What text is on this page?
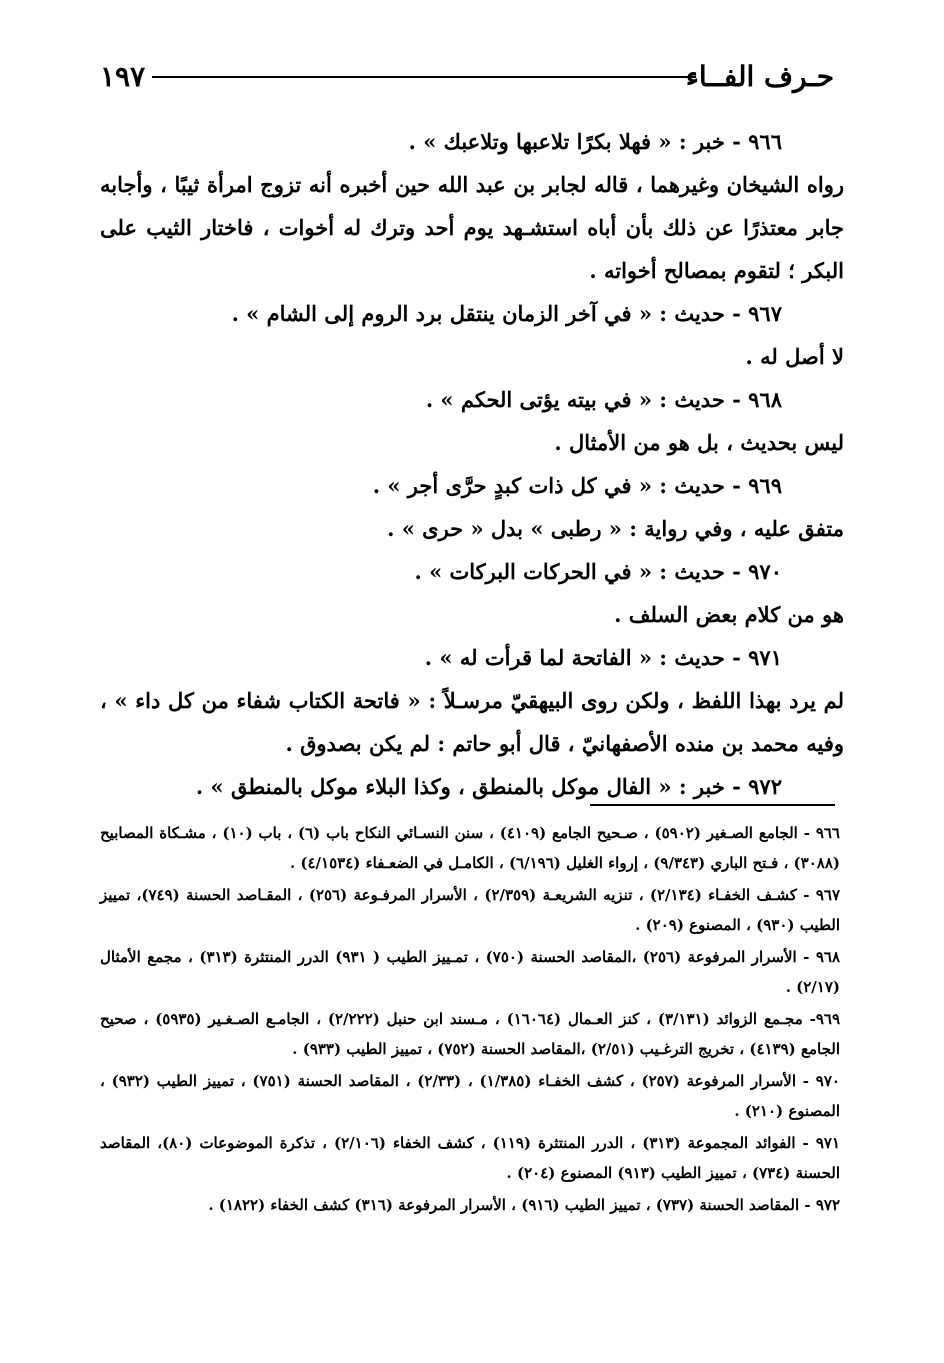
حـرف الفــاء
١٩٧
٩٦٦ - خبر : « فهلا بكرًا تلاعبها وتلاعبك » .
رواه الشيخان وغيرهما ، قاله لجابر بن عبد الله حين أخبره أنه تزوج امرأة ثيبًا ، وأجابه جابر معتذرًا عن ذلك بأن أباه استشـهد يوم أحد وترك له أخوات ، فاختار الثيب على البكر ؛ لتقوم بمصالح أخواته .
٩٦٧ - حديث : « في آخر الزمان ينتقل برد الروم إلى الشام » .
لا أصل له .
٩٦٨ - حديث : « في بيته يؤتى الحكم » .
ليس بحديث ، بل هو من الأمثال .
٩٦٩ - حديث : « في كل ذات كبدٍ حرَّى أجر » .
متفق عليه ، وفي رواية : « رطبى » بدل « حرى » .
٩٧٠ - حديث : « في الحركات البركات » .
هو من كلام بعض السلف .
٩٧١ - حديث : « الفاتحة لما قرأت له » .
لم يرد بهذا اللفظ ، ولكن روى البيهقيّ مرسـلاً : « فاتحة الكتاب شفاء من كل داء » ، وفيه محمد بن منده الأصفهانيّ ، قال أبو حاتم : لم يكن بصدوق .
٩٧٢ - خبر : « الفال موكل بالمنطق ، وكذا البلاء موكل بالمنطق » .
٩٦٦ - الجامع الصـغير (٥٩٠٢) ، صـحيح الجامع (٤١٠٩) ، سنن النسـائي النكاح باب (٦) ، باب (١٠) ، مشـكاة المصابيح (٣٠٨٨) ، فـتح الباري (٩/٣٤٣) ، إرواء الغليل (٦/١٩٦) ، الكامـل في الضعـفاء (٤/١٥٣٤) .
٩٦٧ - كشـف الخفـاء (٢/١٣٤) ، تنزيه الشريعـة (٢/٣٥٩) ، الأسرار المرفـوعة (٢٥٦) ، المقـاصد الحسنة (٧٤٩)، تمييز الطيب (٩٣٠) ، المصنوع (٢٠٩) .
٩٦٨ - الأسرار المرفوعة (٢٥٦) ،المقاصد الحسنة (٧٥٠) ، تمـييز الطيب ( ٩٣١) الدرر المنتثرة (٣١٣) ، مجمع الأمثال (٢/١٧) .
٩٦٩- مجـمع الزوائد (٣/١٣١) ، كنز العـمال (١٦٠٦٤) ، مـسند ابن حنبل (٢/٢٢٢) ، الجامـع الصـغـير (٥٩٣٥) ، صحيح الجامع (٤١٣٩) ، تخريج الترغـيب (٢/٥١) ،المقاصد الحسنة (٧٥٢) ، تمييز الطيب (٩٣٣) .
٩٧٠ - الأسرار المرفوعة (٢٥٧) ، كشف الخفـاء (١/٣٨٥) ، (٢/٣٣) ، المقاصد الحسنة (٧٥١) ، تمييز الطيب (٩٣٢) ، المصنوع (٢١٠) .
٩٧١ - الفوائد المجموعة (٣١٣) ، الدرر المنتثرة (١١٩) ، كشف الخفاء (٢/١٠٦) ، تذكرة الموضوعات (٨٠)، المقاصد الحسنة (٧٣٤) ، تمييز الطيب (٩١٣) المصنوع (٢٠٤) .
٩٧٢ - المقاصد الحسنة (٧٣٧) ، تمييز الطيب (٩١٦) ، الأسرار المرفوعة (٣١٦) كشف الخفاء (١٨٢٢) .
